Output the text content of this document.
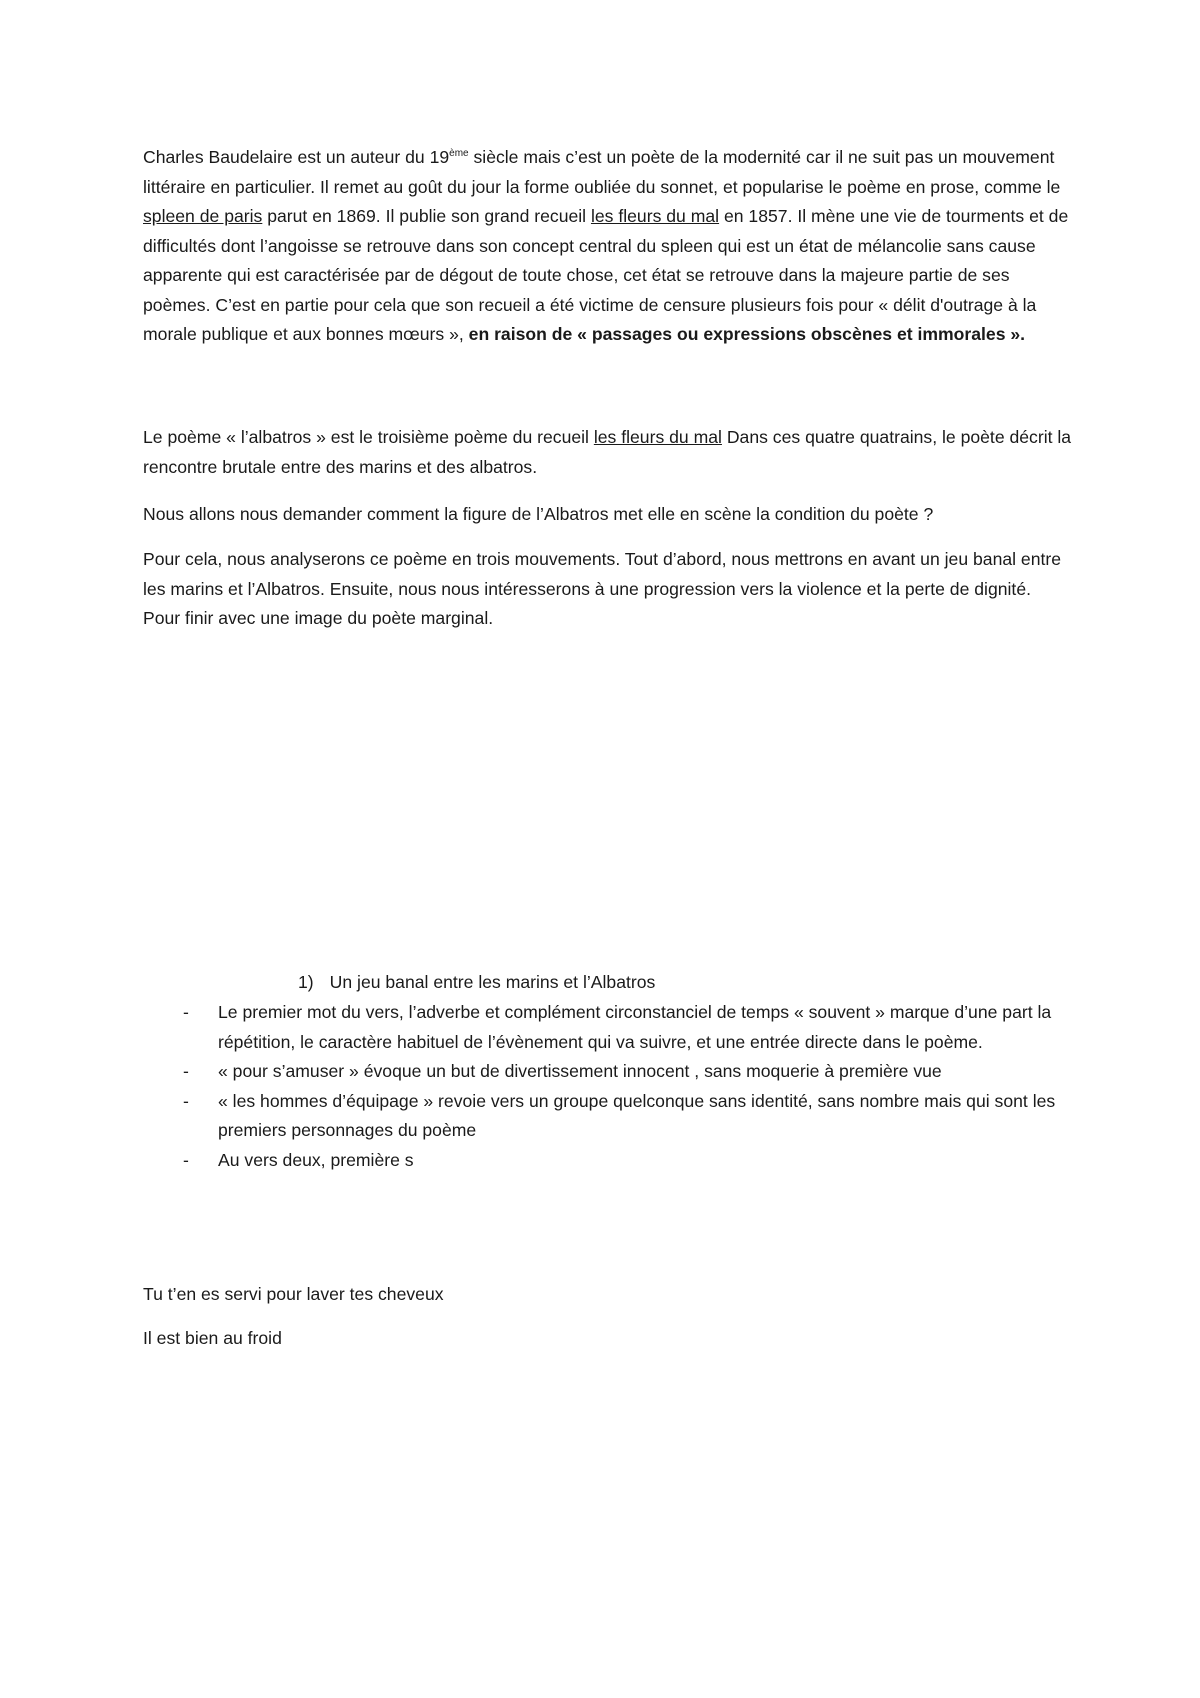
Charles Baudelaire est un auteur du 19ème siècle mais c’est un poète de la modernité car il ne suit pas un mouvement littéraire en particulier. Il remet au goût du jour la forme oubliée du sonnet, et popularise le poème en prose, comme le spleen de paris parut en 1869. Il publie son grand recueil les fleurs du mal en 1857. Il mène une vie de tourments et de difficultés dont l’angoisse se retrouve dans son concept central du spleen qui est un état de mélancolie sans cause apparente qui est caractérisée par de dégout de toute chose, cet état se retrouve dans la majeure partie de ses poèmes. C’est en partie pour cela que son recueil a été victime de censure plusieurs fois pour « délit d'outrage à la morale publique et aux bonnes mœurs », en raison de « passages ou expressions obscènes et immorales ».

Le poème « l’albatros » est le troisième poème du recueil les fleurs du mal Dans ces quatre quatrains, le poète décrit la rencontre brutale entre des marins et des albatros.

Nous allons nous demander comment la figure de l’Albatros met elle en scène la condition du poète ?

Pour cela, nous analyserons ce poème en trois mouvements. Tout d’abord, nous mettrons en avant un jeu banal entre les marins et l’Albatros. Ensuite, nous nous intéresserons à une progression vers la violence et la perte de dignité. Pour finir avec une image du poète marginal.

1) Un jeu banal entre les marins et l’Albatros

- Le premier mot du vers, l’adverbe et complément circonstanciel de temps « souvent » marque d’une part la répétition, le caractère habituel de l’évènement qui va suivre, et une entrée directe dans le poème.
- « pour s’amuser » évoque un but de divertissement innocent , sans moquerie à première vue
- « les hommes d’équipage » revoie vers un groupe quelconque sans identité, sans nombre mais qui sont les premiers personnages du poème
- Au vers deux, première s

Tu t’en es servi pour laver tes cheveux

Il est bien au froid
